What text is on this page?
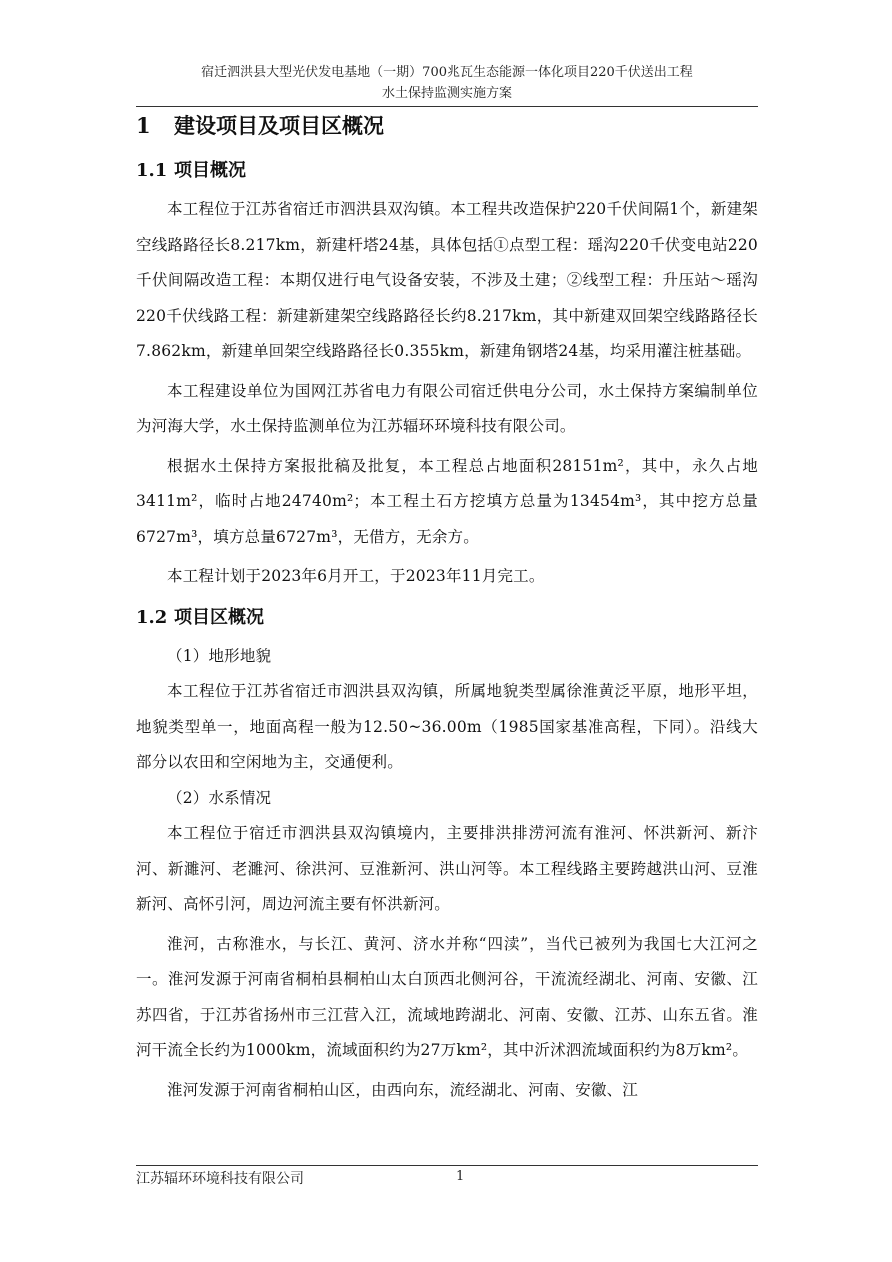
宿迁泗洪县大型光伏发电基地（一期）700兆瓦生态能源一体化项目220千伏送出工程
水土保持监测实施方案
1 建设项目及项目区概况
1.1 项目概况

本工程位于江苏省宿迁市泗洪县双沟镇。本工程共改造保护220千伏间隔1个，新建架空线路路径长8.217km，新建杆塔24基，具体包括①点型工程：瑶沟220千伏变电站220千伏间隔改造工程：本期仅进行电气设备安装，不涉及土建；②线型工程：升压站～瑶沟220千伏线路工程：新建新建架空线路路径长约8.217km，其中新建双回架空线路路径长7.862km，新建单回架空线路路径长0.355km，新建角钢塔24基，均采用灌注桩基础。

本工程建设单位为国网江苏省电力有限公司宿迁供电分公司，水土保持方案编制单位为河海大学，水土保持监测单位为江苏辐环环境科技有限公司。

根据水土保持方案报批稿及批复，本工程总占地面积28151m²，其中，永久占地3411m²，临时占地24740m²；本工程土石方挖填方总量为13454m³，其中挖方总量6727m³，填方总量6727m³，无借方，无余方。

本工程计划于2023年6月开工，于2023年11月完工。

1.2 项目区概况

（1）地形地貌

本工程位于江苏省宿迁市泗洪县双沟镇，所属地貌类型属徐淮黄泛平原，地形平坦，地貌类型单一，地面高程一般为12.50~36.00m（1985国家基准高程，下同）。沿线大部分以农田和空闲地为主，交通便利。

（2）水系情况

本工程位于宿迁市泗洪县双沟镇境内，主要排洪排涝河流有淮河、怀洪新河、新汴河、新濉河、老濉河、徐洪河、豆淮新河、洪山河等。本工程线路主要跨越洪山河、豆淮新河、高怀引河，周边河流主要有怀洪新河。

淮河，古称淮水，与长江、黄河、济水并称“四渎”，当代已被列为我国七大江河之一。淮河发源于河南省桐柏县桐柏山太白顶西北侧河谷，干流流经湖北、河南、安徽、江苏四省，于江苏省扬州市三江营入江，流域地跨湖北、河南、安徽、江苏、山东五省。淮河干流全长约为1000km，流域面积约为27万km²，其中沂沭泗流域面积约为8万km²。

淮河发源于河南省桐柏山区，由西向东，流经湖北、河南、安徽、江

江苏辐环环境科技有限公司	1
